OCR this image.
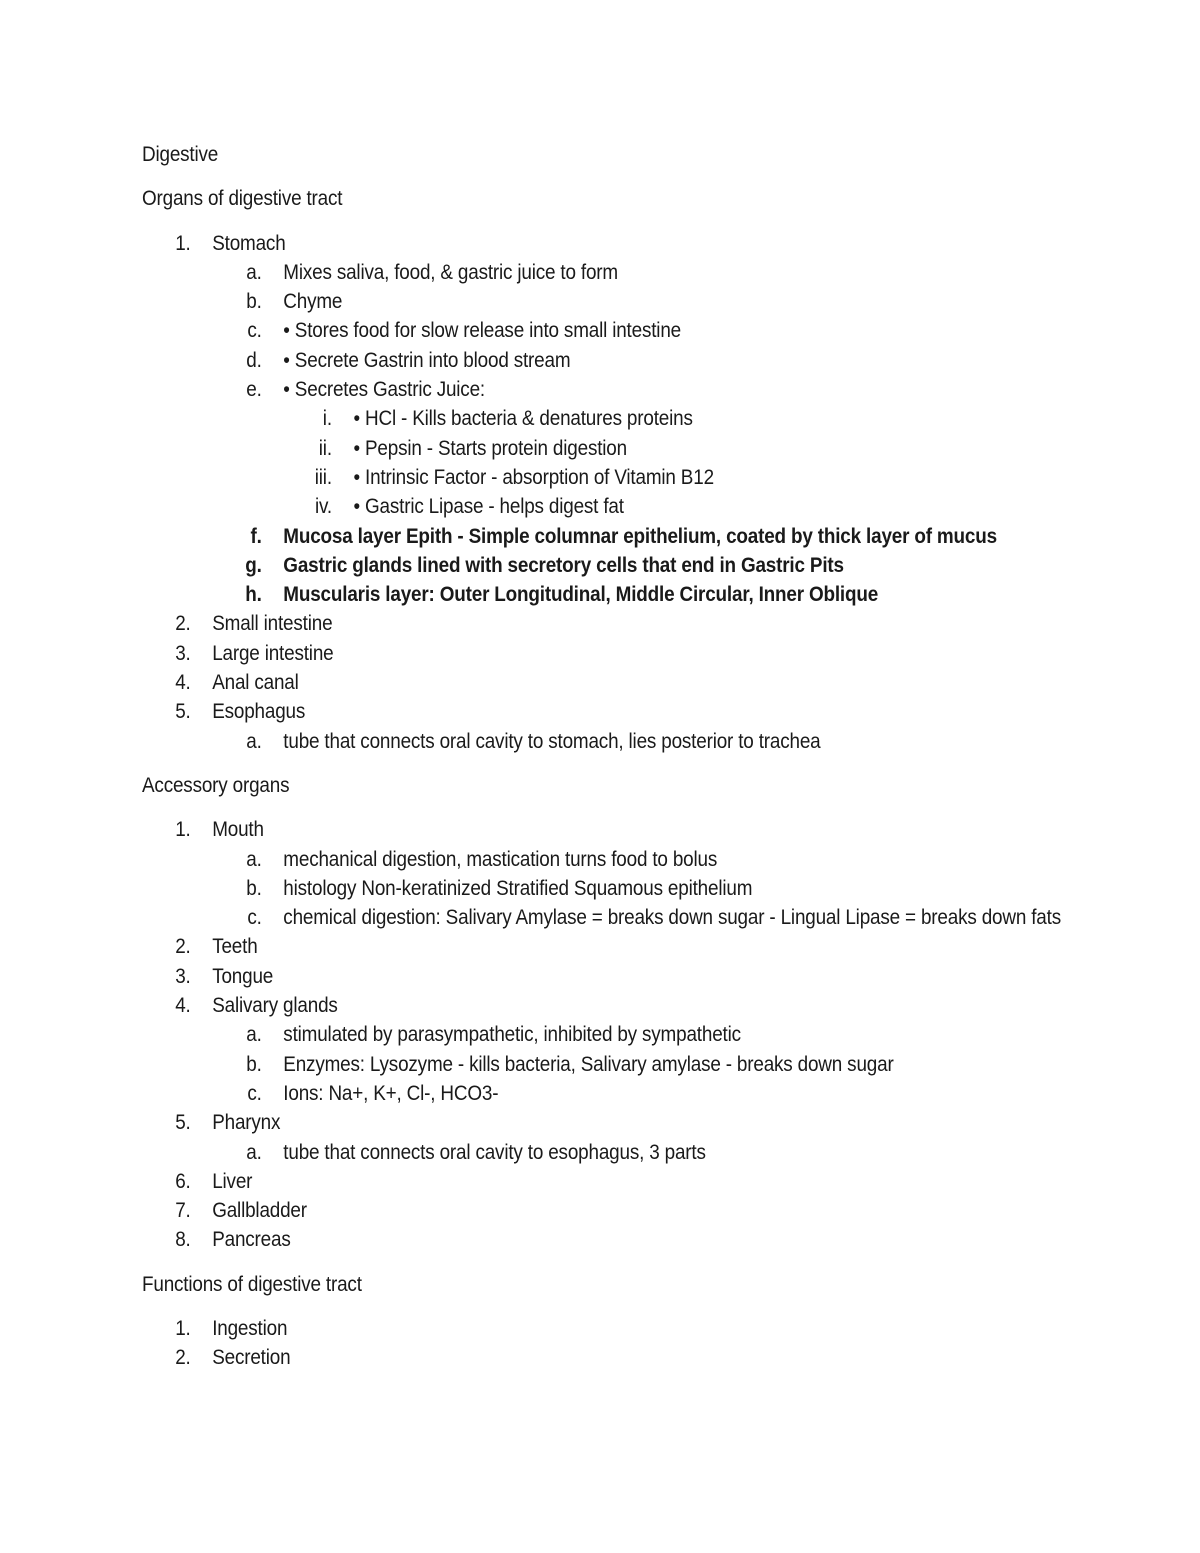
Digestive

Organs of digestive tract

1.	Stomach
a.	Mixes saliva, food, & gastric juice to form
b.	Chyme
c.	• Stores food for slow release into small intestine
d.	• Secrete Gastrin into blood stream
e.	• Secretes Gastric Juice:
i.	• HCl - Kills bacteria & denatures proteins
ii.	• Pepsin - Starts protein digestion
iii.	• Intrinsic Factor - absorption of Vitamin B12
iv.	• Gastric Lipase - helps digest fat
f.	Mucosa layer Epith - Simple columnar epithelium, coated by thick layer of mucus
g.	Gastric glands lined with secretory cells that end in Gastric Pits
h.	Muscularis layer: Outer Longitudinal, Middle Circular, Inner Oblique
2.	Small intestine
3.	Large intestine
4.	Anal canal
5.	Esophagus
a.	tube that connects oral cavity to stomach, lies posterior to trachea

Accessory organs

1.	Mouth
a.	mechanical digestion, mastication turns food to bolus
b.	histology Non-keratinized Stratified Squamous epithelium
c.	chemical digestion: Salivary Amylase = breaks down sugar - Lingual Lipase = breaks down fats
2.	Teeth
3.	Tongue
4.	Salivary glands
a.	stimulated by parasympathetic, inhibited by sympathetic
b.	Enzymes: Lysozyme - kills bacteria, Salivary amylase - breaks down sugar
c.	Ions: Na+, K+, Cl-, HCO3-
5.	Pharynx
a.	tube that connects oral cavity to esophagus, 3 parts
6.	Liver
7.	Gallbladder
8.	Pancreas

Functions of digestive tract

1.	Ingestion
2.	Secretion
